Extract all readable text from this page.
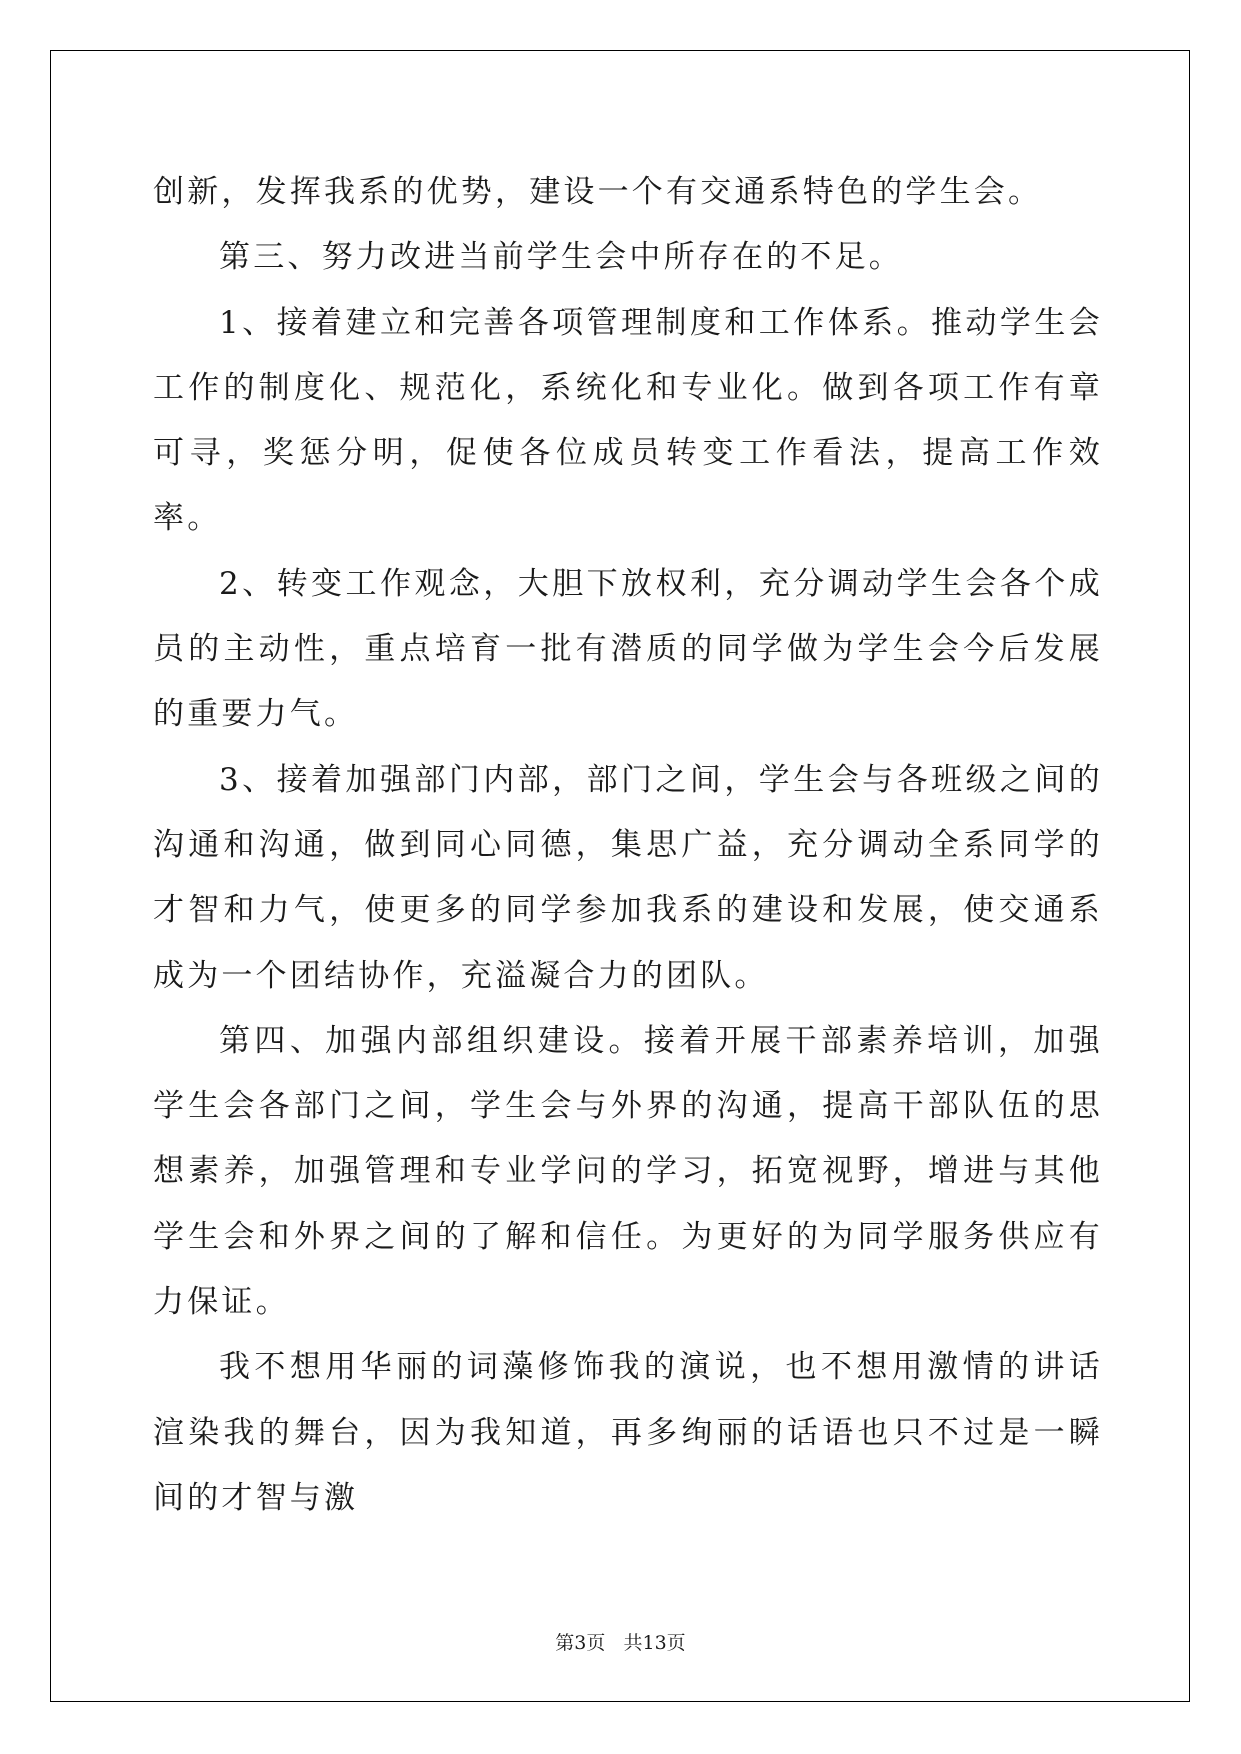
创新，发挥我系的优势，建设一个有交通系特色的学生会。

第三、努力改进当前学生会中所存在的不足。

1、接着建立和完善各项管理制度和工作体系。推动学生会工作的制度化、规范化，系统化和专业化。做到各项工作有章可寻，奖惩分明，促使各位成员转变工作看法，提高工作效率。

2、转变工作观念，大胆下放权利，充分调动学生会各个成员的主动性，重点培育一批有潜质的同学做为学生会今后发展的重要力气。

3、接着加强部门内部，部门之间，学生会与各班级之间的沟通和沟通，做到同心同德，集思广益，充分调动全系同学的才智和力气，使更多的同学参加我系的建设和发展，使交通系成为一个团结协作，充溢凝合力的团队。

第四、加强内部组织建设。接着开展干部素养培训，加强学生会各部门之间，学生会与外界的沟通，提高干部队伍的思想素养，加强管理和专业学问的学习，拓宽视野，增进与其他学生会和外界之间的了解和信任。为更好的为同学服务供应有力保证。

我不想用华丽的词藻修饰我的演说，也不想用激情的讲话渲染我的舞台，因为我知道，再多绚丽的话语也只不过是一瞬间的才智与激

第3页   共13页
